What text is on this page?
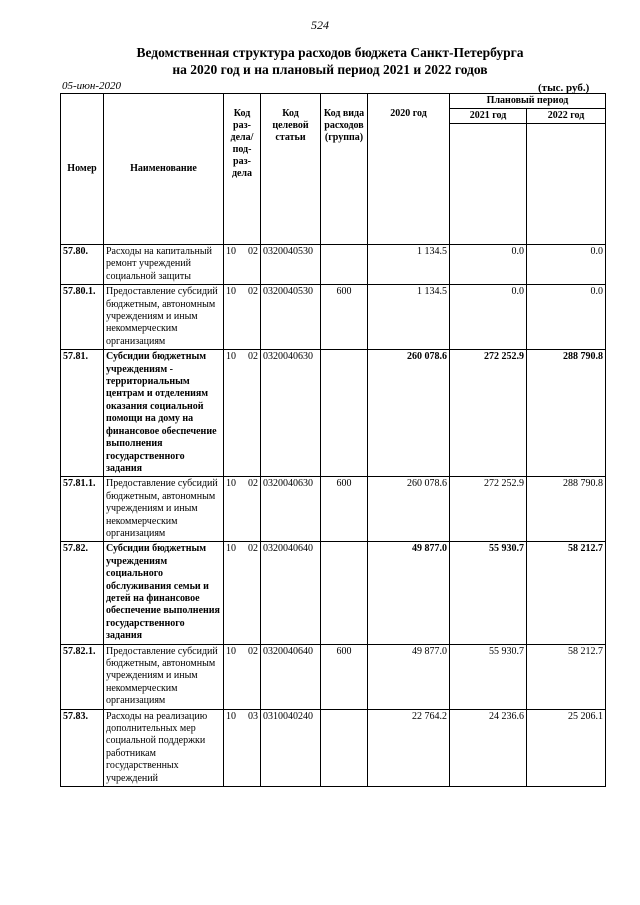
524
Ведомственная структура расходов бюджета Санкт-Петербурга
на 2020 год и на плановый период 2021 и 2022 годов
05-июн-2020	(тыс. руб.)
Номер	Наименование	Код раз- дела/ под- раз- дела	Код целевой статьи	Код вида расходов (группа)	2020 год	Плановый период	
						2021 год	2022 год

57.80.	Расходы на капитальный ремонт учреждений социальной защиты	10 02	0320040530		1 134.5	0.0	0.0
57.80.1.	Предоставление субсидий бюджетным, автономным учреждениям и иным некоммерческим организациям	10 02	0320040530	600	1 134.5	0.0	0.0
57.81.	Субсидии бюджетным учреждениям - территориальным центрам и отделениям оказания социальной помощи на дому на финансовое обеспечение выполнения государственного задания	10 02	0320040630		260 078.6	272 252.9	288 790.8
57.81.1.	Предоставление субсидий бюджетным, автономным учреждениям и иным некоммерческим организациям	10 02	0320040630	600	260 078.6	272 252.9	288 790.8
57.82.	Субсидии бюджетным учреждениям социального обслуживания семьи и детей на финансовое обеспечение выполнения государственного задания	10 02	0320040640		49 877.0	55 930.7	58 212.7
57.82.1.	Предоставление субсидий бюджетным, автономным учреждениям и иным некоммерческим организациям	10 02	0320040640	600	49 877.0	55 930.7	58 212.7
57.83.	Расходы на реализацию дополнительных мер социальной поддержки работникам государственных учреждений	10 03	0310040240		22 764.2	24 236.6	25 206.1
